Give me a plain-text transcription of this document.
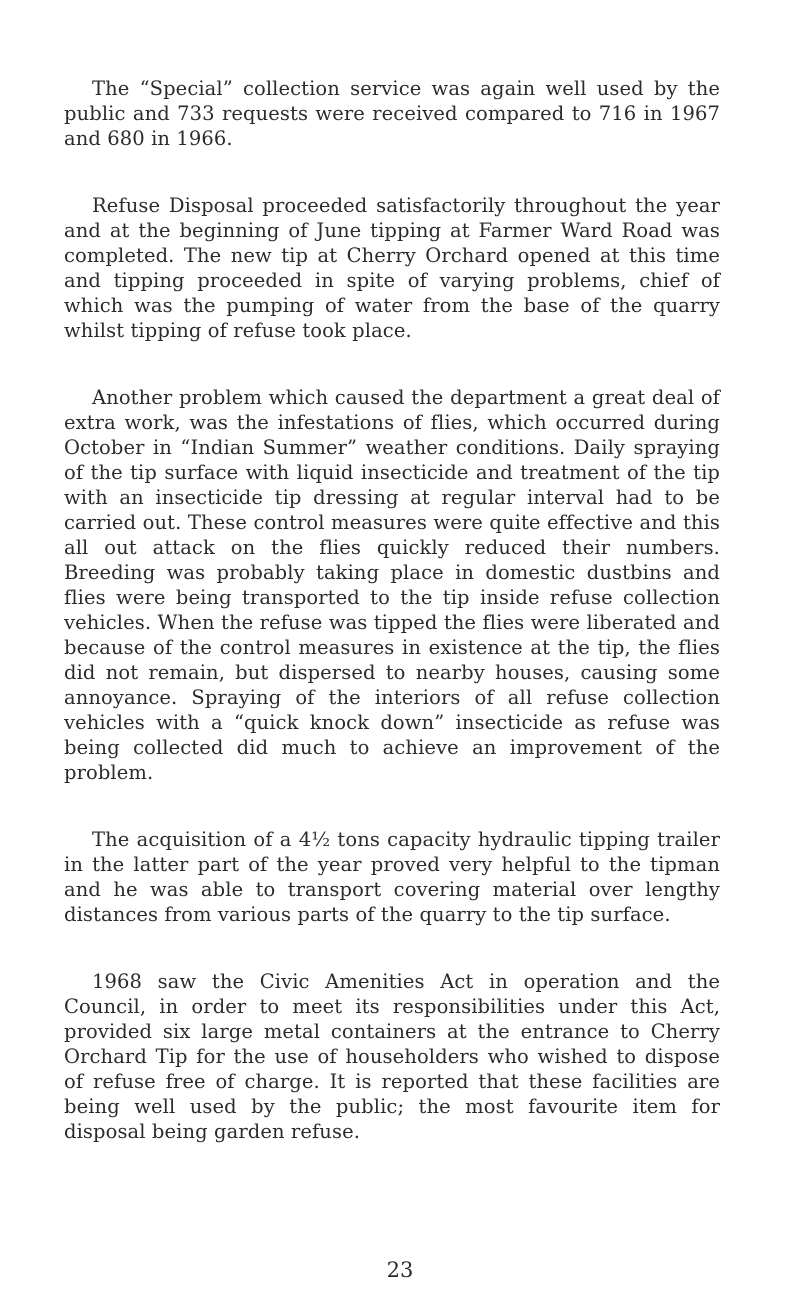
The “Special” collection service was again well used by the public and 733 requests were received compared to 716 in 1967 and 680 in 1966.

Refuse Disposal proceeded satisfactorily throughout the year and at the beginning of June tipping at Farmer Ward Road was completed. The new tip at Cherry Orchard opened at this time and tipping proceeded in spite of varying problems, chief of which was the pumping of water from the base of the quarry whilst tipping of refuse took place.

Another problem which caused the department a great deal of extra work, was the infestations of flies, which occurred during October in “Indian Summer” weather conditions. Daily spraying of the tip surface with liquid insecticide and treatment of the tip with an insecticide tip dressing at regular interval had to be carried out. These control measures were quite effective and this all out attack on the flies quickly reduced their numbers. Breeding was probably taking place in domestic dustbins and flies were being transported to the tip inside refuse collection vehicles. When the refuse was tipped the flies were liberated and because of the control measures in existence at the tip, the flies did not remain, but dispersed to nearby houses, causing some annoyance. Spraying of the interiors of all refuse collection vehicles with a “quick knock down” insecticide as refuse was being collected did much to achieve an improvement of the problem.

The acquisition of a 4½ tons capacity hydraulic tipping trailer in the latter part of the year proved very helpful to the tipman and he was able to transport covering material over lengthy distances from various parts of the quarry to the tip surface.

1968 saw the Civic Amenities Act in operation and the Council, in order to meet its responsibilities under this Act, provided six large metal containers at the entrance to Cherry Orchard Tip for the use of householders who wished to dispose of refuse free of charge. It is reported that these facilities are being well used by the public; the most favourite item for disposal being garden refuse.

23
